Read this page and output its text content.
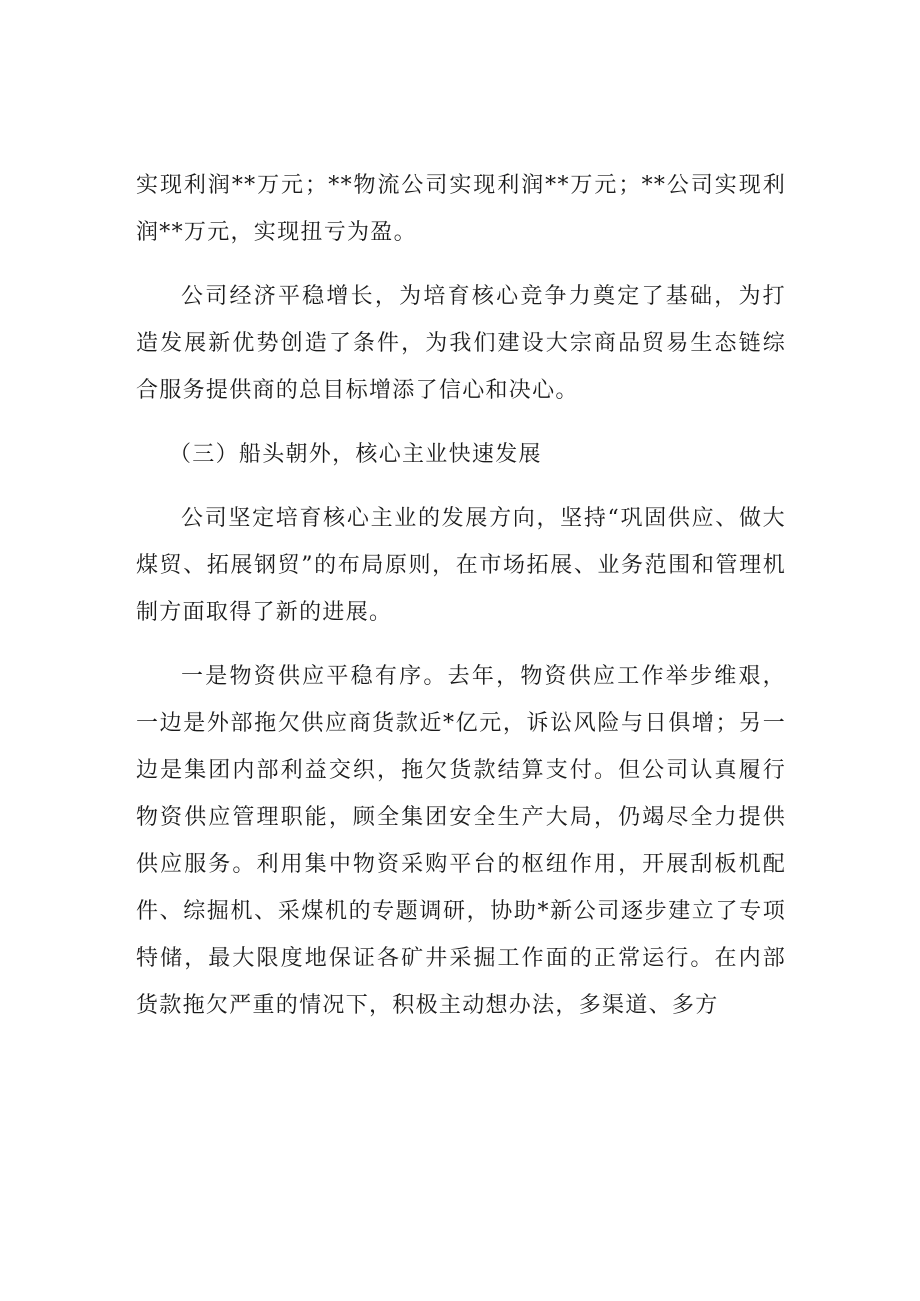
实现利润**万元；**物流公司实现利润**万元；**公司实现利润**万元，实现扭亏为盈。

公司经济平稳增长，为培育核心竞争力奠定了基础，为打造发展新优势创造了条件，为我们建设大宗商品贸易生态链综合服务提供商的总目标增添了信心和决心。

（三）船头朝外，核心主业快速发展

公司坚定培育核心主业的发展方向，坚持“巩固供应、做大煤贸、拓展钢贸”的布局原则，在市场拓展、业务范围和管理机制方面取得了新的进展。

一是物资供应平稳有序。去年，物资供应工作举步维艰，一边是外部拖欠供应商货款近*亿元，诉讼风险与日俱增；另一边是集团内部利益交织，拖欠货款结算支付。但公司认真履行物资供应管理职能，顾全集团安全生产大局，仍竭尽全力提供供应服务。利用集中物资采购平台的枢纽作用，开展刮板机配件、综掘机、采煤机的专题调研，协助*新公司逐步建立了专项特储，最大限度地保证各矿井采掘工作面的正常运行。在内部货款拖欠严重的情况下，积极主动想办法，多渠道、多方
